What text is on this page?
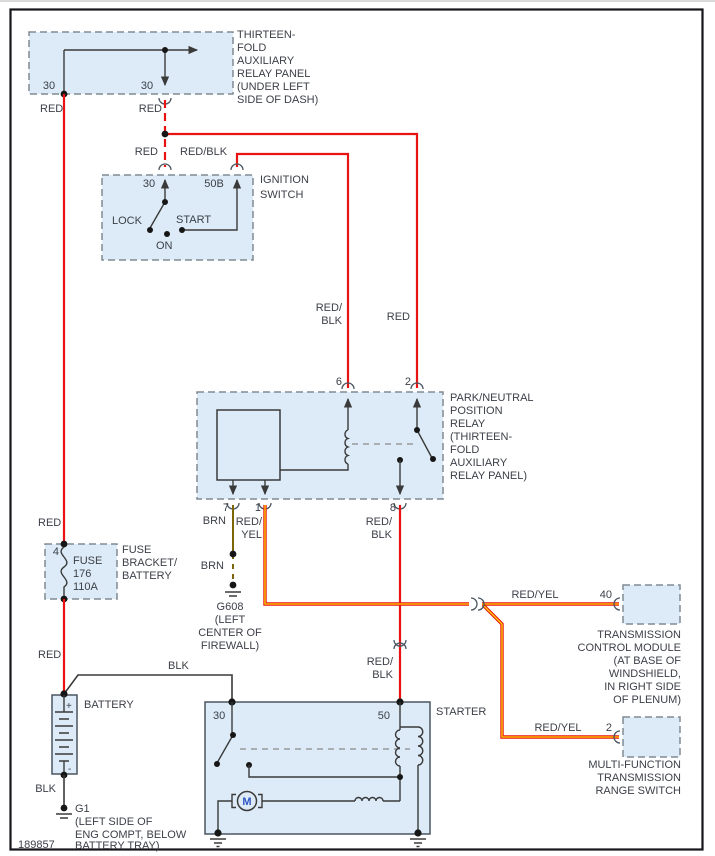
30	30
THIRTEEN-
FOLD
AUXILIARY
RELAY PANEL
(UNDER LEFT
SIDE OF DASH)
RED	RED
RED RED/BLK
30	50B
LOCK	START
ON
IGNITION
SWITCH
RED/
BLK	RED
6	2
7 1	8
PARK/NEUTRAL
POSITION
RELAY
(THIRTEEN-
FOLD
AUXILIARY
RELAY PANEL)
BRN
BRN
G608
(LEFT
CENTER OF
FIREWALL)
RED/
YEL
RED/
BLK
RED/
BLK
RED/YEL	40
TRANSMISSION
CONTROL MODULE
(AT BASE OF
WINDSHIELD,
IN RIGHT SIDE
OF PLENUM)
RED/YEL 2
MULTI-FUNCTION
TRANSMISSION
RANGE SWITCH
RED
4
FUSE
176
110A
FUSE
BRACKET/
BATTERY
RED
BLK
+
-
BATTERY
BLK
G1
(LEFT SIDE OF
ENG COMPT, BELOW
BATTERY TRAY)
189857
STARTER
30	50
M
